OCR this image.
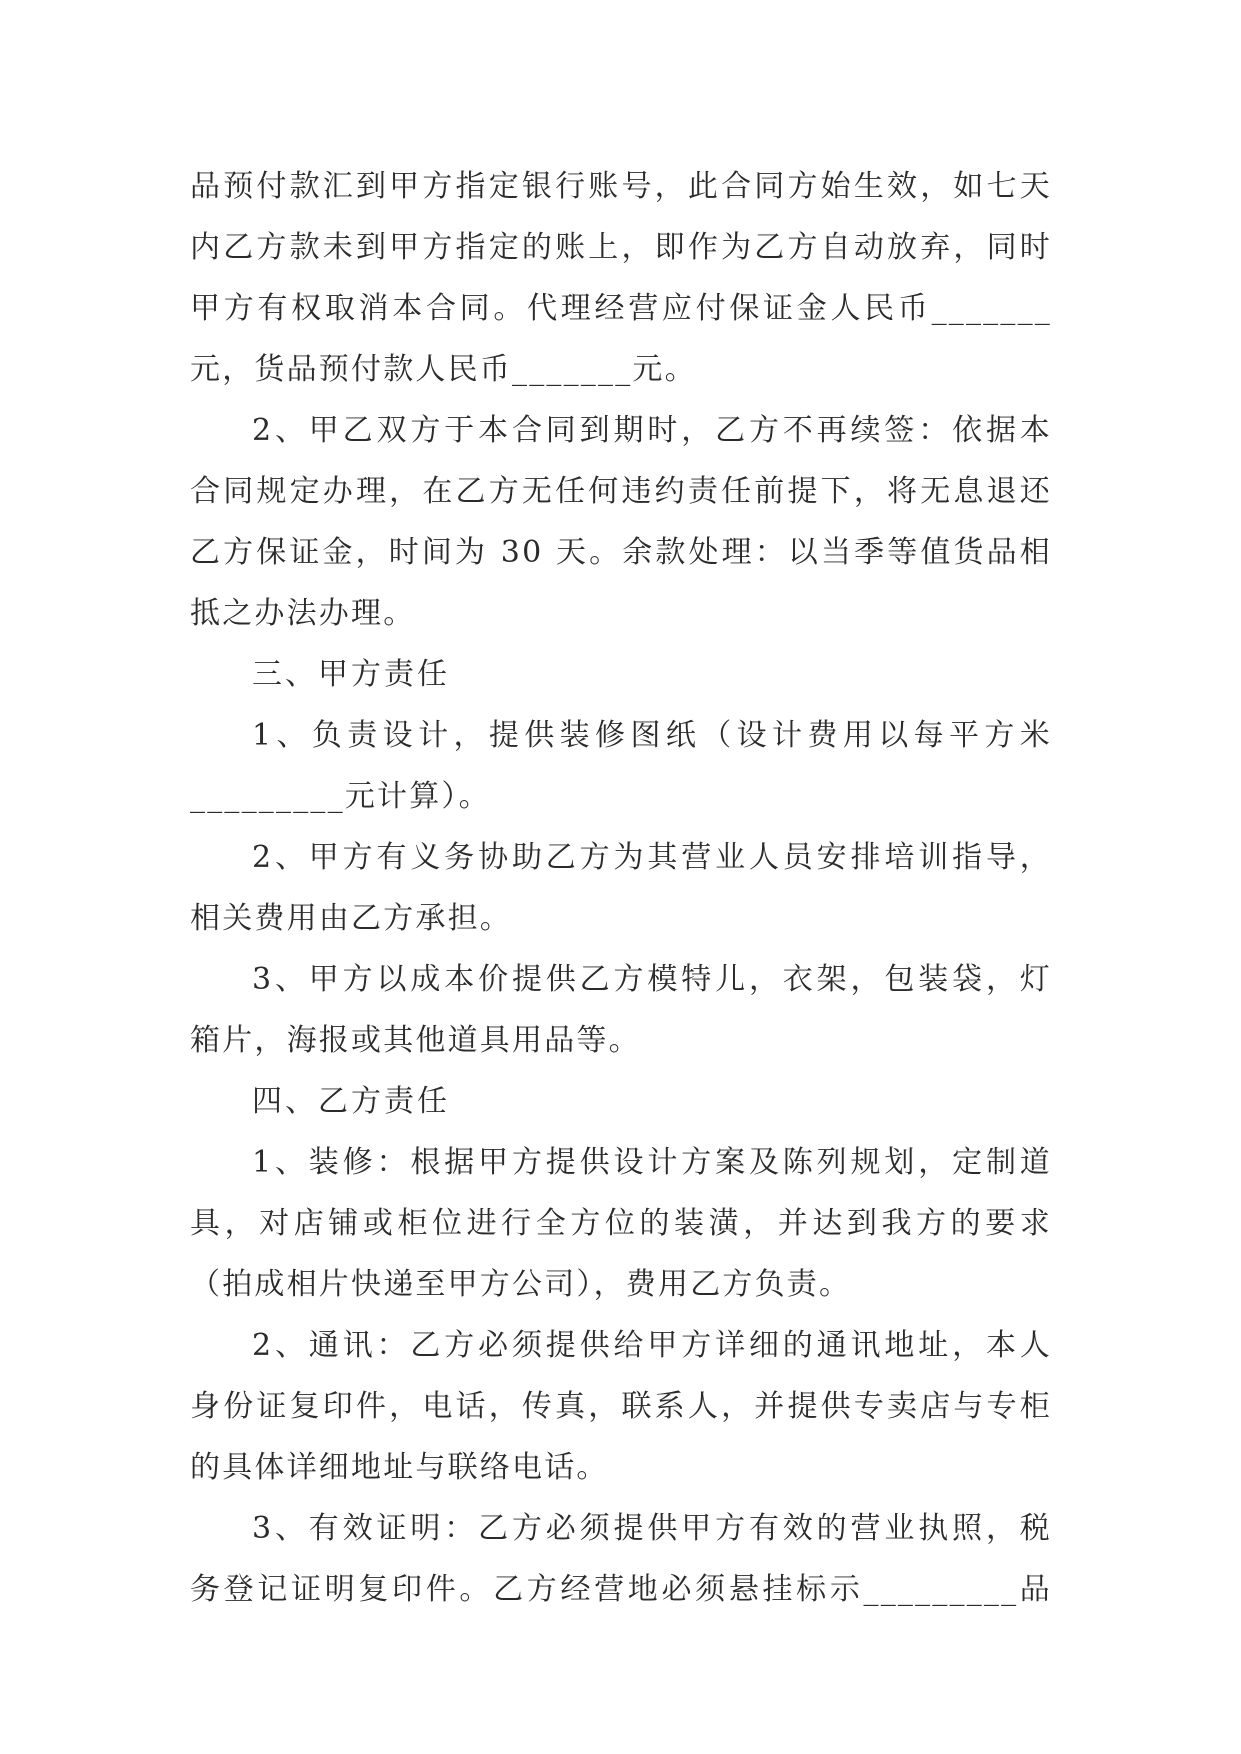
品预付款汇到甲方指定银行账号，此合同方始生效，如七天
内乙方款未到甲方指定的账上，即作为乙方自动放弃，同时
甲方有权取消本合同。代理经营应付保证金人民币_______
元，货品预付款人民币_______元。

2、甲乙双方于本合同到期时，乙方不再续签：依据本
合同规定办理，在乙方无任何违约责任前提下，将无息退还
乙方保证金，时间为 30 天。余款处理：以当季等值货品相
抵之办法办理。

三、甲方责任

1、负责设计，提供装修图纸（设计费用以每平方米
_________元计算）。

2、甲方有义务协助乙方为其营业人员安排培训指导，
相关费用由乙方承担。

3、甲方以成本价提供乙方模特儿，衣架，包装袋，灯
箱片，海报或其他道具用品等。

四、乙方责任

1、装修：根据甲方提供设计方案及陈列规划，定制道
具，对店铺或柜位进行全方位的装潢，并达到我方的要求
（拍成相片快递至甲方公司），费用乙方负责。

2、通讯：乙方必须提供给甲方详细的通讯地址，本人
身份证复印件，电话，传真，联系人，并提供专卖店与专柜
的具体详细地址与联络电话。

3、有效证明：乙方必须提供甲方有效的营业执照，税
务登记证明复印件。乙方经营地必须悬挂标示_________品
